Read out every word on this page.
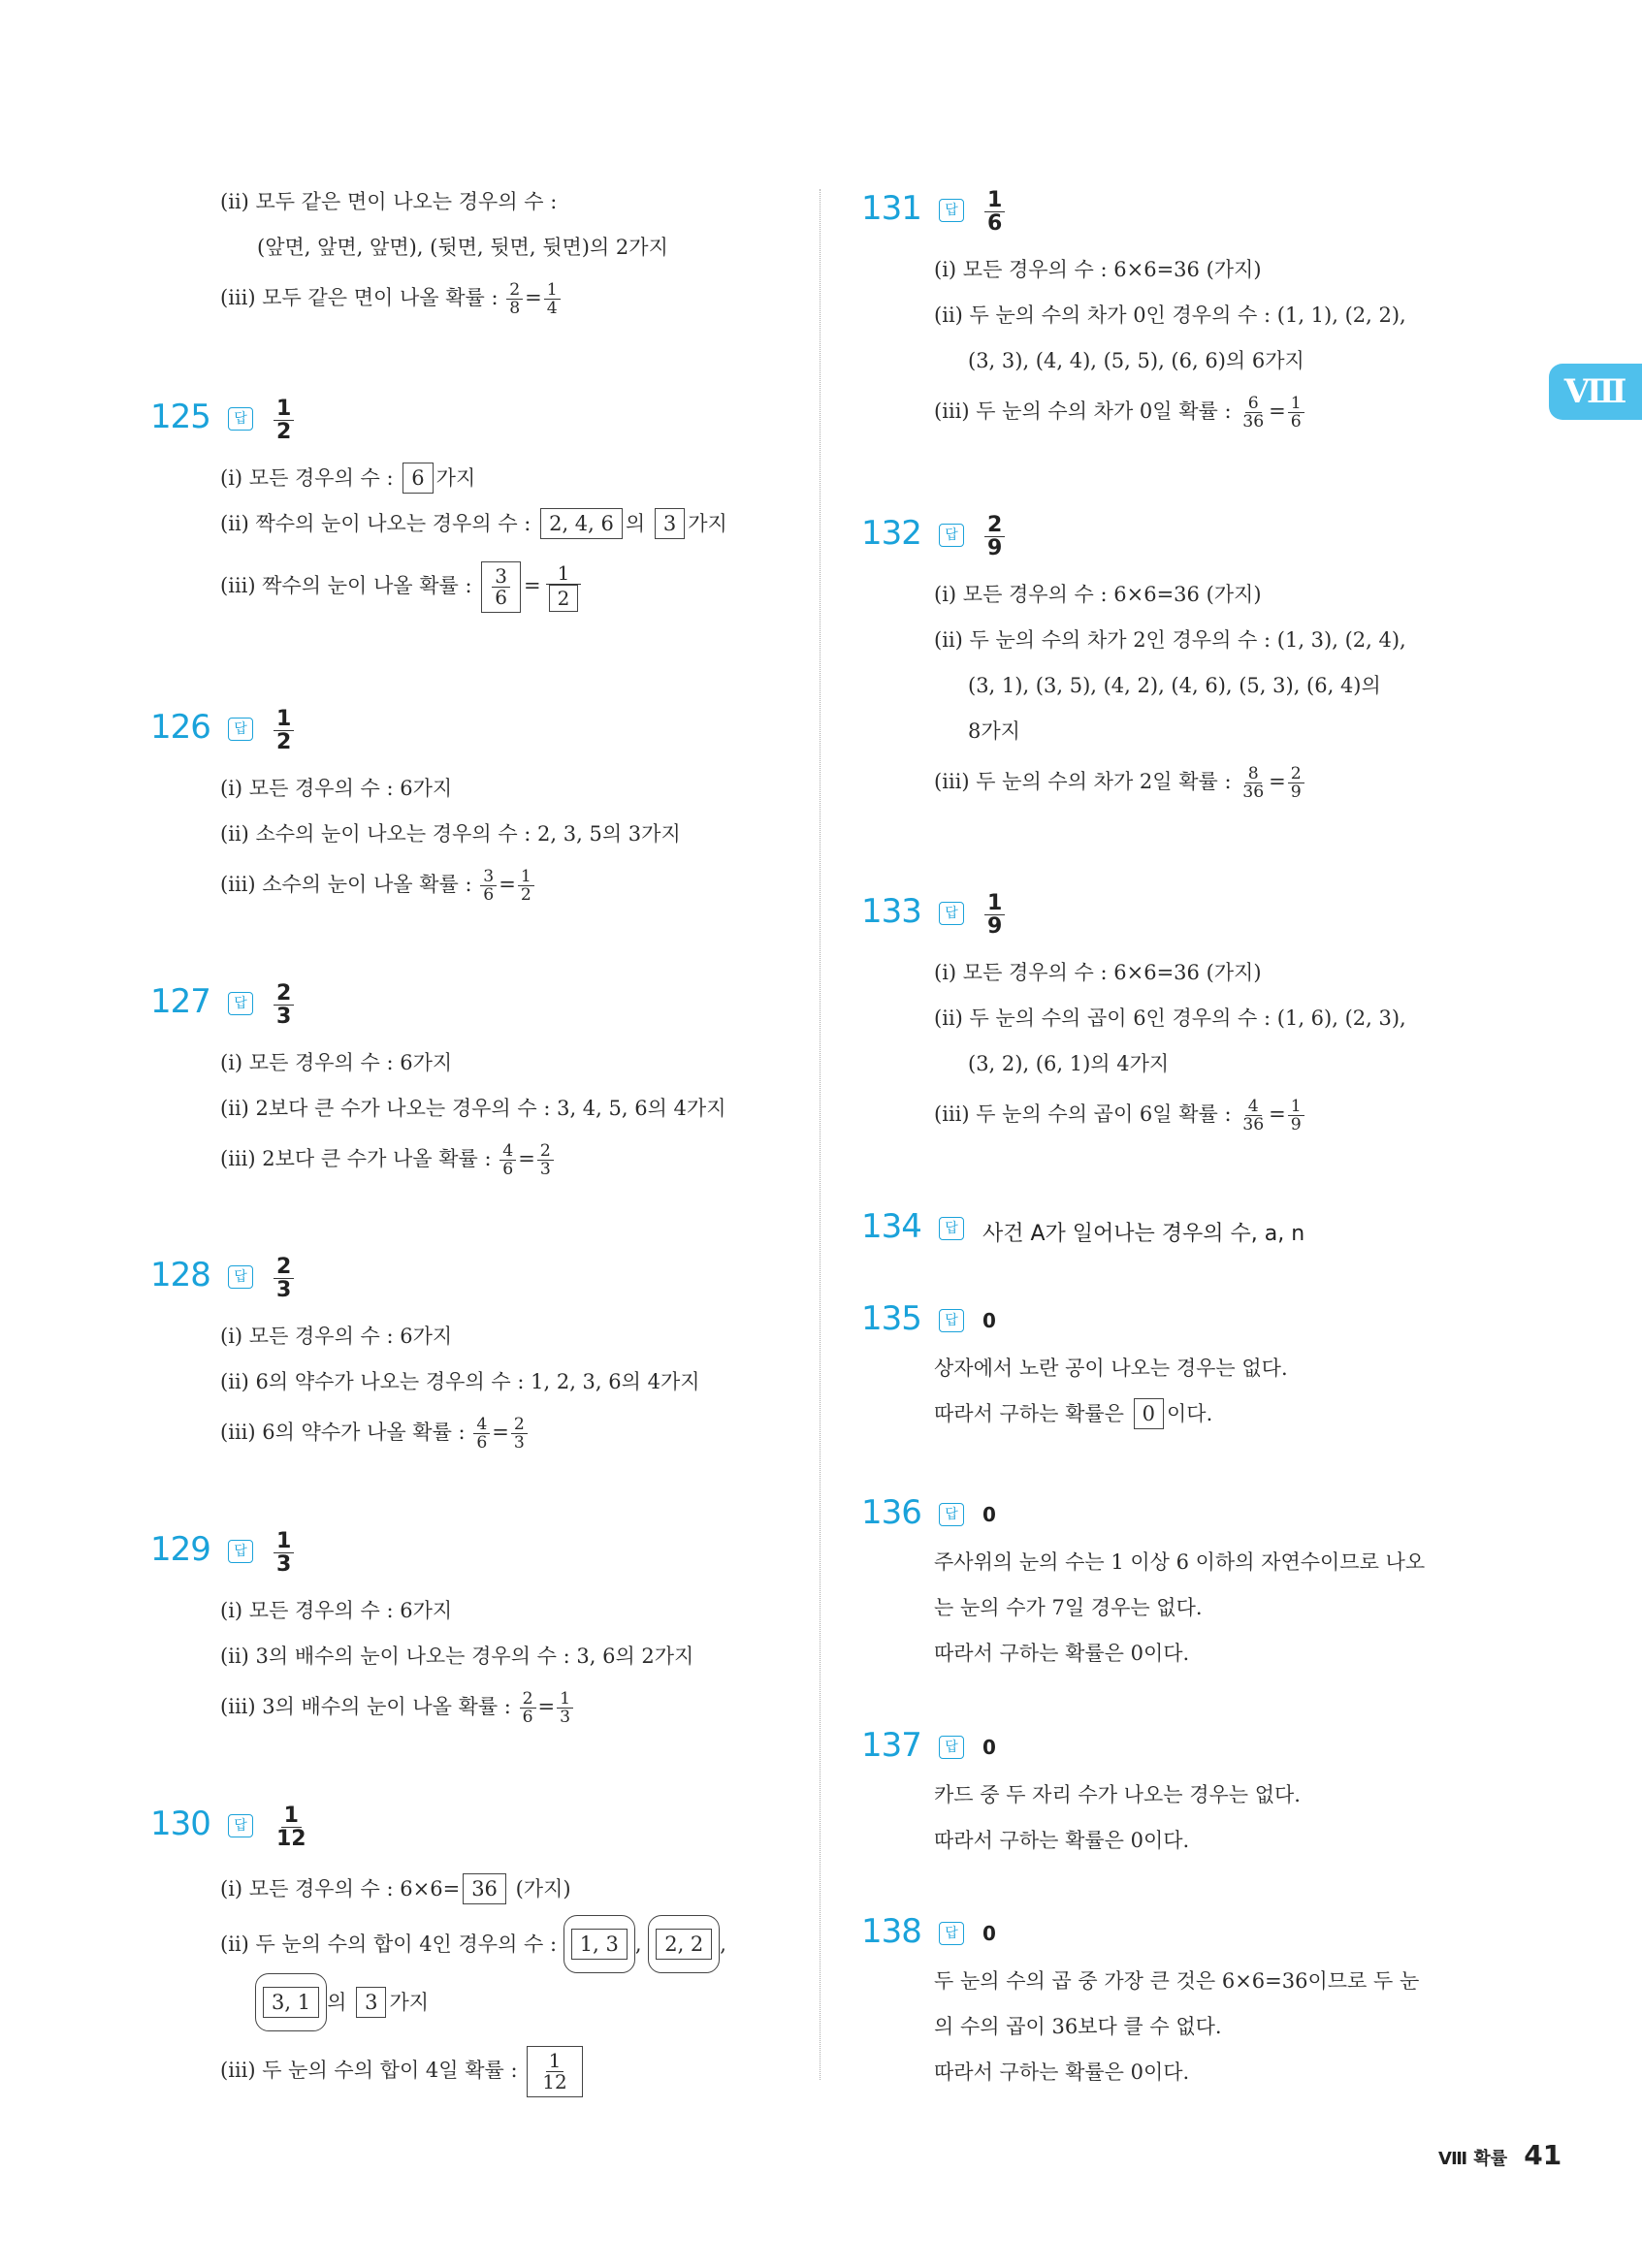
Ⅷ
(ⅱ) 모두 같은 면이 나오는 경우의 수 :
(앞면, 앞면, 앞면), (뒷면, 뒷면, 뒷면)의 2가지
(ⅲ) 모두 같은 면이 나올 확률 : $\frac{2}{8} = \frac{1}{4}$
125	답 $\frac{1}{2}$
(ⅰ) 모든 경우의 수 : 6 가지
(ⅱ) 짝수의 눈이 나오는 경우의 수 : 2, 4, 6 의 3 가지
(ⅲ) 짝수의 눈이 나올 확률 : $\frac{3}{6} = \frac{1}{2}$
126	답 $\frac{1}{2}$
(ⅰ) 모든 경우의 수 : 6가지
(ⅱ) 소수의 눈이 나오는 경우의 수 : 2, 3, 5의 3가지
(ⅲ) 소수의 눈이 나올 확률 : $\frac{3}{6} = \frac{1}{2}$
127	답 $\frac{2}{3}$
(ⅰ) 모든 경우의 수 : 6가지
(ⅱ) 2보다 큰 수가 나오는 경우의 수 : 3, 4, 5, 6의 4가지
(ⅲ) 2보다 큰 수가 나올 확률 : $\frac{4}{6} = \frac{2}{3}$
128	답 $\frac{2}{3}$
(ⅰ) 모든 경우의 수 : 6가지
(ⅱ) 6의 약수가 나오는 경우의 수 : 1, 2, 3, 6의 4가지
(ⅲ) 6의 약수가 나올 확률 : $\frac{4}{6} = \frac{2}{3}$
129	답 $\frac{1}{3}$
(ⅰ) 모든 경우의 수 : 6가지
(ⅱ) 3의 배수의 눈이 나오는 경우의 수 : 3, 6의 2가지
(ⅲ) 3의 배수의 눈이 나올 확률 : $\frac{2}{6} = \frac{1}{3}$
130	답 $\frac{1}{12}$
(ⅰ) 모든 경우의 수 : 6×6= 36 (가지)
(ⅱ) 두 눈의 수의 합이 4인 경우의 수 : 1, 3 , 2, 2 ,
3, 1 의 3 가지
(ⅲ) 두 눈의 수의 합이 4일 확률 : $\frac{1}{12}$
131	답 $\frac{1}{6}$
(ⅰ) 모든 경우의 수 : 6×6=36 (가지)
(ⅱ) 두 눈의 수의 차가 0인 경우의 수 : (1, 1), (2, 2),
(3, 3), (4, 4), (5, 5), (6, 6)의 6가지
(ⅲ) 두 눈의 수의 차가 0일 확률 : $\frac{6}{36} = \frac{1}{6}$
132	답 $\frac{2}{9}$
(ⅰ) 모든 경우의 수 : 6×6=36 (가지)
(ⅱ) 두 눈의 수의 차가 2인 경우의 수 : (1, 3), (2, 4),
(3, 1), (3, 5), (4, 2), (4, 6), (5, 3), (6, 4)의
8가지
(ⅲ) 두 눈의 수의 차가 2일 확률 : $\frac{8}{36} = \frac{2}{9}$
133	답 $\frac{1}{9}$
(ⅰ) 모든 경우의 수 : 6×6=36 (가지)
(ⅱ) 두 눈의 수의 곱이 6인 경우의 수 : (1, 6), (2, 3),
(3, 2), (6, 1)의 4가지
(ⅲ) 두 눈의 수의 곱이 6일 확률 : $\frac{4}{36} = \frac{1}{9}$
134	답 사건 A가 일어나는 경우의 수, a, n
135	답	0
상자에서 노란 공이 나오는 경우는 없다.
따라서 구하는 확률은 0 이다.
136	답	0
주사위의 눈의 수는 1 이상 6 이하의 자연수이므로 나오
는 눈의 수가 7일 경우는 없다.
따라서 구하는 확률은 0이다.
137	답	0
카드 중 두 자리 수가 나오는 경우는 없다.
따라서 구하는 확률은 0이다.
138	답	0
두 눈의 수의 곱 중 가장 큰 것은 6×6=36이므로 두 눈
의 수의 곱이 36보다 클 수 없다.
따라서 구하는 확률은 0이다.
Ⅷ 확률 41
